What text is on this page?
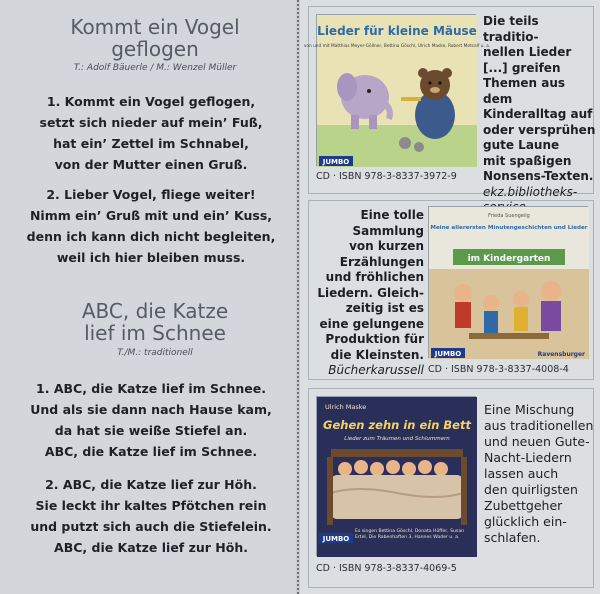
Kommt ein Vogel
geflogen
T.: Adolf Bäuerle / M.: Wenzel Müller
1. Kommt ein Vogel geflogen,
setzt sich nieder auf mein’ Fuß,
hat ein’ Zettel im Schnabel,
von der Mutter einen Gruß.
2. Lieber Vogel, fliege weiter!
Nimm ein’ Gruß mit und ein’ Kuss,
denn ich kann dich nicht begleiten,
weil ich hier bleiben muss.
ABC, die Katze
lief im Schnee
T./M.: traditionell
1. ABC, die Katze lief im Schnee.
Und als sie dann nach Hause kam,
da hat sie weiße Stiefel an.
ABC, die Katze lief im Schnee.
2. ABC, die Katze lief zur Höh.
Sie leckt ihr kaltes Pfötchen rein
und putzt sich auch die Stiefelein.
ABC, die Katze lief zur Höh.
Lieder für kleine Mäuse
von und mit Matthias Meyer-Göllner, Bettina Göschl, Ulrich Maske, Robert Metcalf u. a.
JUMBO
Die teils traditio-
nellen Lieder
[...] greifen
Themen aus dem
Kinderalltag auf
oder versprühen
gute Laune
mit spaßigen
Nonsens-Texten.
ekz.bibliotheks-
CD · ISBN 978-3-8337-3972-9
Eine tolle
Sammlung
von kurzen
Erzählungen
und fröhlichen
Liedern. Gleich-
zeitig ist es
eine gelungene
Produktion für
die Kleinsten.
Bücherkarussell
Frieda Suengeiig
Meine allerersten Minutengeschichten und Lieder
im Kindergarten
JUMBO	Ravensburger
CD · ISBN 978-3-8337-4008-4
Ulrich Maske
Gehen zehn in ein Bett
Lieder zum Träumen und Schlummern
JUMBO
Es singen Bettina Göschl, Donata Höffer, Susan Ertel, Die Rabenhaften 3, Hannes Wader u. a.
Eine Mischung
aus traditionellen
und neuen Gute-
Nacht-Liedern
lassen auch
den quirligsten
Zubettgeher
glücklich ein-
schlafen.
CD · ISBN 978-3-8337-4069-5
